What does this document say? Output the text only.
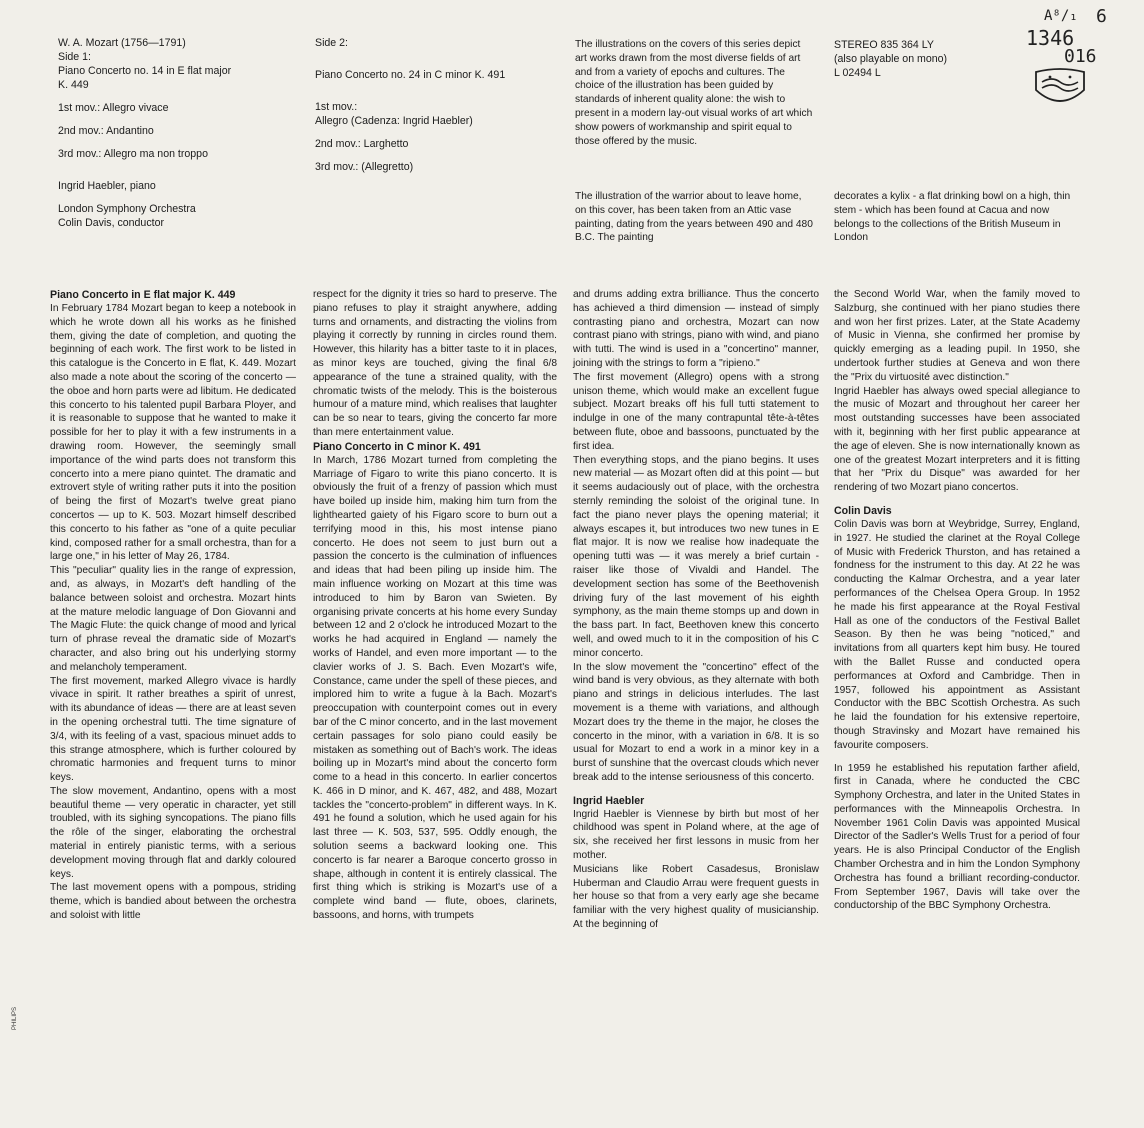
W. A. Mozart (1756—1791)

Side 1:

Piano Concerto no. 14 in E flat major

K. 449

1st mov.: Allegro vivace

2nd mov.: Andantino

3rd mov.: Allegro ma non troppo

Ingrid Haebler, piano

London Symphony Orchestra

Colin Davis, conductor

Side 2:

Piano Concerto no. 24 in C minor K. 491

1st mov.:

Allegro (Cadenza: Ingrid Haebler)

2nd mov.: Larghetto

3rd mov.: (Allegretto)

The illustrations on the covers of this series depict art works drawn from the most diverse fields of art and from a variety of epochs and cultures. The choice of the illustration has been guided by standards of inherent quality alone: the wish to present in a modern lay-out visual works of art which show powers of workmanship and spirit equal to those offered by the music.

The illustration of the warrior about to leave home, on this cover, has been taken from an Attic vase painting, dating from the years between 490 and 480 B.C. The painting

STEREO 835 364 LY

(also playable on mono)

L 02494 L

decorates a kylix - a flat drinking bowl on a high, thin stem - which has been found at Cacua and now belongs to the collections of the British Museum in London

A⁸/₁ 6
1346
016

Piano Concerto in E flat major K. 449

In February 1784 Mozart began to keep a notebook in which he wrote down all his works as he finished them, giving the date of completion, and quoting the beginning of each work. The first work to be listed in this catalogue is the Concerto in E flat, K. 449. Mozart also made a note about the scoring of the concerto — the oboe and horn parts were ad libitum. He dedicated this concerto to his talented pupil Barbara Ployer, and it is reasonable to suppose that he wanted to make it possible for her to play it with a few instruments in a drawing room. However, the seemingly small importance of the wind parts does not transform this concerto into a mere piano quintet. The dramatic and extrovert style of writing rather puts it into the position of being the first of Mozart's twelve great piano concertos — up to K. 503. Mozart himself described this concerto to his father as "one of a quite peculiar kind, composed rather for a small orchestra, than for a large one," in his letter of May 26, 1784.

This "peculiar" quality lies in the range of expression, and, as always, in Mozart's deft handling of the balance between soloist and orchestra. Mozart hints at the mature melodic language of Don Giovanni and The Magic Flute: the quick change of mood and lyrical turn of phrase reveal the dramatic side of Mozart's character, and also bring out his underlying stormy and melancholy temperament.

The first movement, marked Allegro vivace is hardly vivace in spirit. It rather breathes a spirit of unrest, with its abundance of ideas — there are at least seven in the opening orchestral tutti. The time signature of 3/4, with its feeling of a vast, spacious minuet adds to this strange atmosphere, which is further coloured by chromatic harmonies and frequent turns to minor keys.

The slow movement, Andantino, opens with a most beautiful theme — very operatic in character, yet still troubled, with its sighing syncopations. The piano fills the rôle of the singer, elaborating the orchestral material in entirely pianistic terms, with a serious development moving through flat and darkly coloured keys.

The last movement opens with a pompous, striding theme, which is bandied about between the orchestra and soloist with little

respect for the dignity it tries so hard to preserve. The piano refuses to play it straight anywhere, adding turns and ornaments, and distracting the violins from playing it correctly by running in circles round them. However, this hilarity has a bitter taste to it in places, as minor keys are touched, giving the final 6/8 appearance of the tune a strained quality, with the chromatic twists of the melody. This is the boisterous humour of a mature mind, which realises that laughter can be so near to tears, giving the concerto far more than mere entertainment value.

Piano Concerto in C minor K. 491

In March, 1786 Mozart turned from completing the Marriage of Figaro to write this piano concerto. It is obviously the fruit of a frenzy of passion which must have boiled up inside him, making him turn from the lighthearted gaiety of his Figaro score to burn out a terrifying mood in this, his most intense piano concerto. He does not seem to just burn out a passion the concerto is the culmination of influences and ideas that had been piling up inside him. The main influence working on Mozart at this time was introduced to him by Baron van Swieten. By organising private concerts at his home every Sunday between 12 and 2 o'clock he introduced Mozart to the works he had acquired in England — namely the works of Handel, and even more important — to the clavier works of J. S. Bach. Even Mozart's wife, Constance, came under the spell of these pieces, and implored him to write a fugue à la Bach. Mozart's preoccupation with counterpoint comes out in every bar of the C minor concerto, and in the last movement certain passages for solo piano could easily be mistaken as something out of Bach's work. The ideas boiling up in Mozart's mind about the concerto form come to a head in this concerto. In earlier concertos K. 466 in D minor, and K. 467, 482, and 488, Mozart tackles the "concerto-problem" in different ways. In K. 491 he found a solution, which he used again for his last three — K. 503, 537, 595. Oddly enough, the solution seems a backward looking one. This concerto is far nearer a Baroque concerto grosso in shape, although in content it is entirely classical. The first thing which is striking is Mozart's use of a complete wind band — flute, oboes, clarinets, bassoons, and horns, with trumpets

and drums adding extra brilliance. Thus the concerto has achieved a third dimension — instead of simply contrasting piano and orchestra, Mozart can now contrast piano with strings, piano with wind, and piano with tutti. The wind is used in a "concertino" manner, joining with the strings to form a "ripieno."

The first movement (Allegro) opens with a strong unison theme, which would make an excellent fugue subject. Mozart breaks off his full tutti statement to indulge in one of the many contrapuntal tête-à-têtes between flute, oboe and bassoons, punctuated by the first idea.

Then everything stops, and the piano begins. It uses new material — as Mozart often did at this point — but it seems audaciously out of place, with the orchestra sternly reminding the soloist of the original tune. In fact the piano never plays the opening material; it always escapes it, but introduces two new tunes in E flat major. It is now we realise how inadequate the opening tutti was — it was merely a brief curtain - raiser like those of Vivaldi and Handel. The development section has some of the Beethovenish driving fury of the last movement of his eighth symphony, as the main theme stomps up and down in the bass part. In fact, Beethoven knew this concerto well, and owed much to it in the composition of his C minor concerto.

In the slow movement the "concertino" effect of the wind band is very obvious, as they alternate with both piano and strings in delicious interludes. The last movement is a theme with variations, and although Mozart does try the theme in the major, he closes the concerto in the minor, with a variation in 6/8. It is so usual for Mozart to end a work in a minor key in a burst of sunshine that the overcast clouds which never break add to the intense seriousness of this concerto.

Ingrid Haebler

Ingrid Haebler is Viennese by birth but most of her childhood was spent in Poland where, at the age of six, she received her first lessons in music from her mother.

Musicians like Robert Casadesus, Bronislaw Huberman and Claudio Arrau were frequent guests in her house so that from a very early age she became familiar with the very highest quality of musicianship. At the beginning of

the Second World War, when the family moved to Salzburg, she continued with her piano studies there and won her first prizes. Later, at the State Academy of Music in Vienna, she confirmed her promise by quickly emerging as a leading pupil. In 1950, she undertook further studies at Geneva and won there the "Prix du virtuosité avec distinction."

Ingrid Haebler has always owed special allegiance to the music of Mozart and throughout her career her most outstanding successes have been associated with it, beginning with her first public appearance at the age of eleven. She is now internationally known as one of the greatest Mozart interpreters and it is fitting that her "Prix du Disque" was awarded for her rendering of two Mozart piano concertos.

Colin Davis

Colin Davis was born at Weybridge, Surrey, England, in 1927. He studied the clarinet at the Royal College of Music with Frederick Thurston, and has retained a fondness for the instrument to this day. At 22 he was conducting the Kalmar Orchestra, and a year later performances of the Chelsea Opera Group. In 1952 he made his first appearance at the Royal Festival Hall as one of the conductors of the Festival Ballet Season. By then he was being "noticed," and invitations from all quarters kept him busy. He toured with the Ballet Russe and conducted opera performances at Oxford and Cambridge. Then in 1957, followed his appointment as Assistant Conductor with the BBC Scottish Orchestra. As such he laid the foundation for his extensive repertoire, though Stravinsky and Mozart have remained his favourite composers.

In 1959 he established his reputation farther afield, first in Canada, where he conducted the CBC Symphony Orchestra, and later in the United States in performances with the Minneapolis Orchestra. In November 1961 Colin Davis was appointed Musical Director of the Sadler's Wells Trust for a period of four years. He is also Principal Conductor of the English Chamber Orchestra and in him the London Symphony Orchestra has found a brilliant recording-conductor. From September 1967, Davis will take over the conductorship of the BBC Symphony Orchestra.

PHILIPS
